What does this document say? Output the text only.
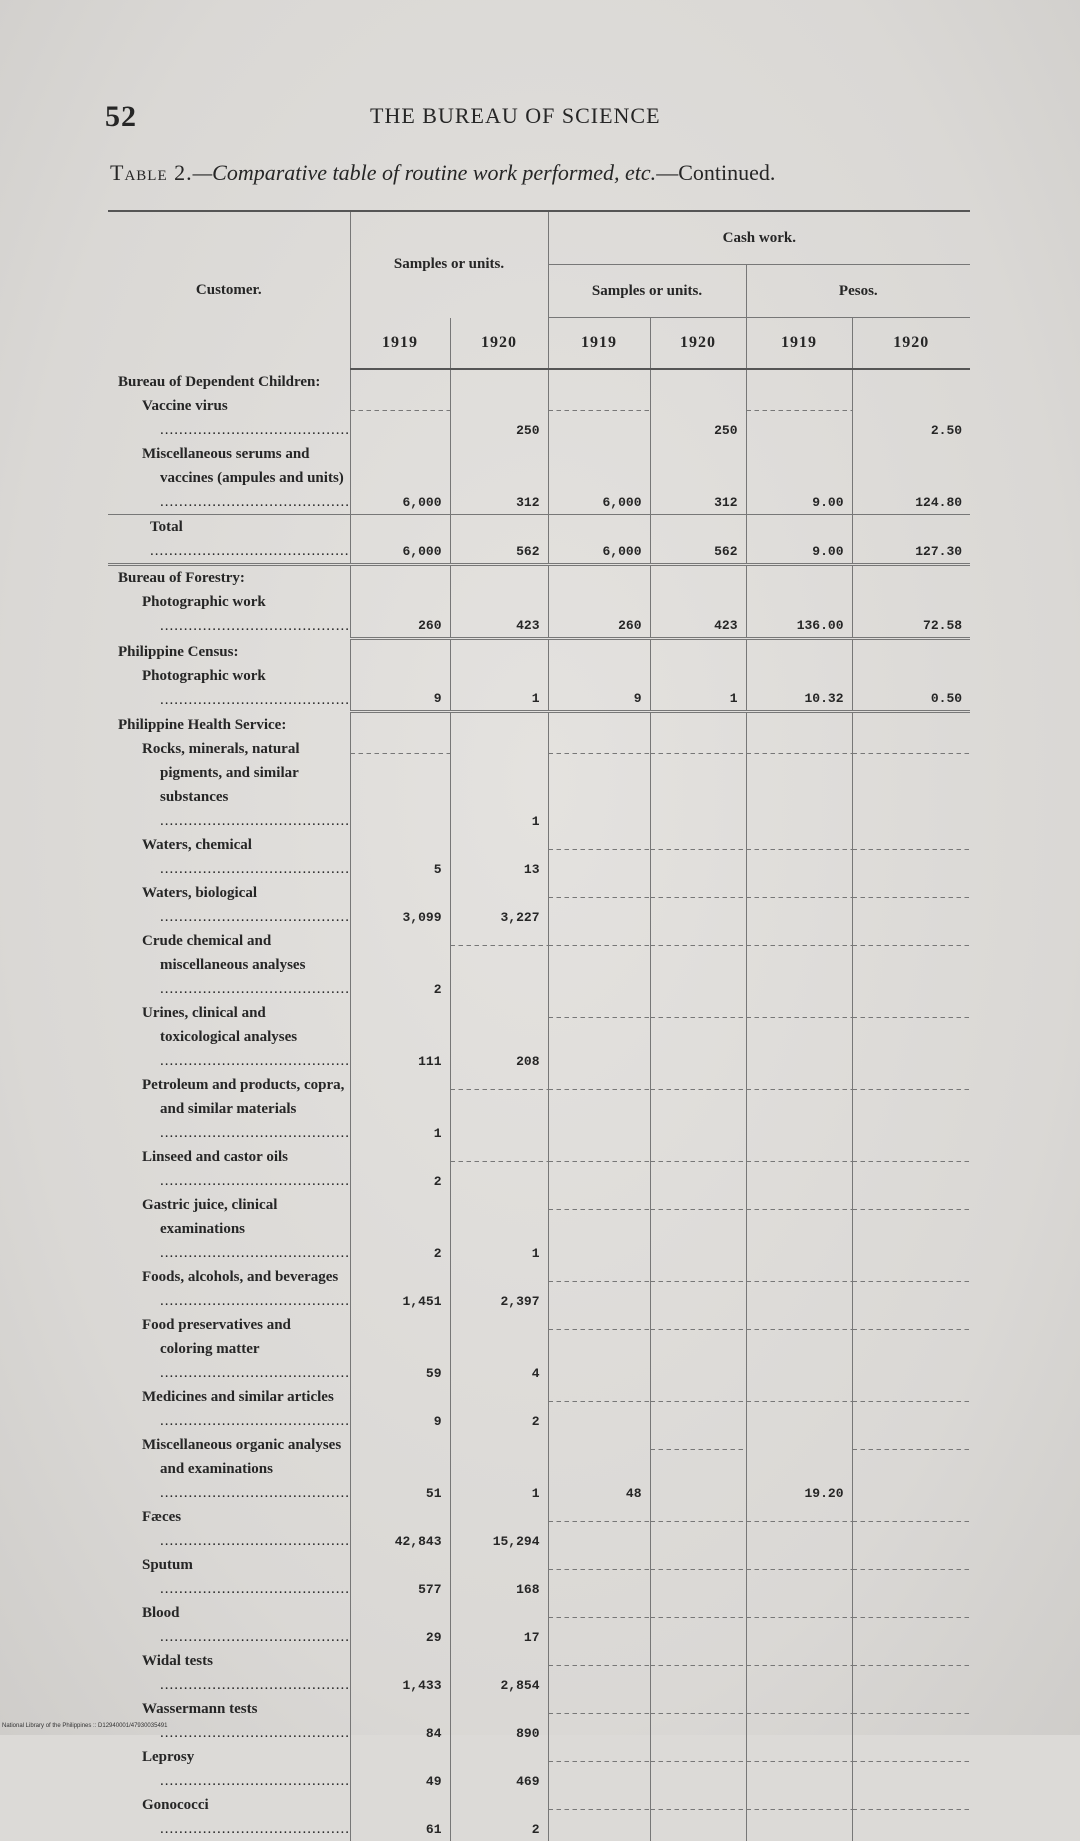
52	THE BUREAU OF SCIENCE
Table 2.—Comparative table of routine work performed, etc.—Continued.
Customer.	Samples or units.		Cash work.			
			Samples or units.		Pesos.	
	1919	1920	1919	1920	1919	1920
Bureau of Dependent Children:						
Vaccine virus .....		250		250		2.50
Miscellaneous serums and vaccines (ampules and units) .....	6,000	312	6,000	312	9.00	124.80
Total .....	6,000	562	6,000	562	9.00	127.30
Bureau of Forestry:						
Photographic work .....	260	423	260	423	136.00	72.58
Philippine Census:						
Photographic work .....	9	1	9	1	10.32	0.50
Philippine Health Service:						
Rocks, minerals, natural pigments, and similar substances .....		1				
Waters, chemical .....	5	13				
Waters, biological .....	3,099	3,227				
Crude chemical and miscellaneous analyses .....	2					
Urines, clinical and toxicological analyses .....	111	208				
Petroleum and products, copra, and similar materials .....	1					
Linseed and castor oils .....	2					
Gastric juice, clinical examinations .....	2	1				
Foods, alcohols, and beverages .....	1,451	2,397				
Food preservatives and coloring matter .....	59	4				
Medicines and similar articles .....	9	2				
Miscellaneous organic analyses and examinations .....	51	1	48		19.20	
Fæces .....	42,843	15,294				
Sputum .....	577	168				
Blood .....	29	17				
Widal tests .....	1,433	2,854				
Wassermann tests .....	84	890				
Leprosy .....	49	469				
Gonococci .....	61	2				
National Library of the Philippines :: D12940001/47930035491
